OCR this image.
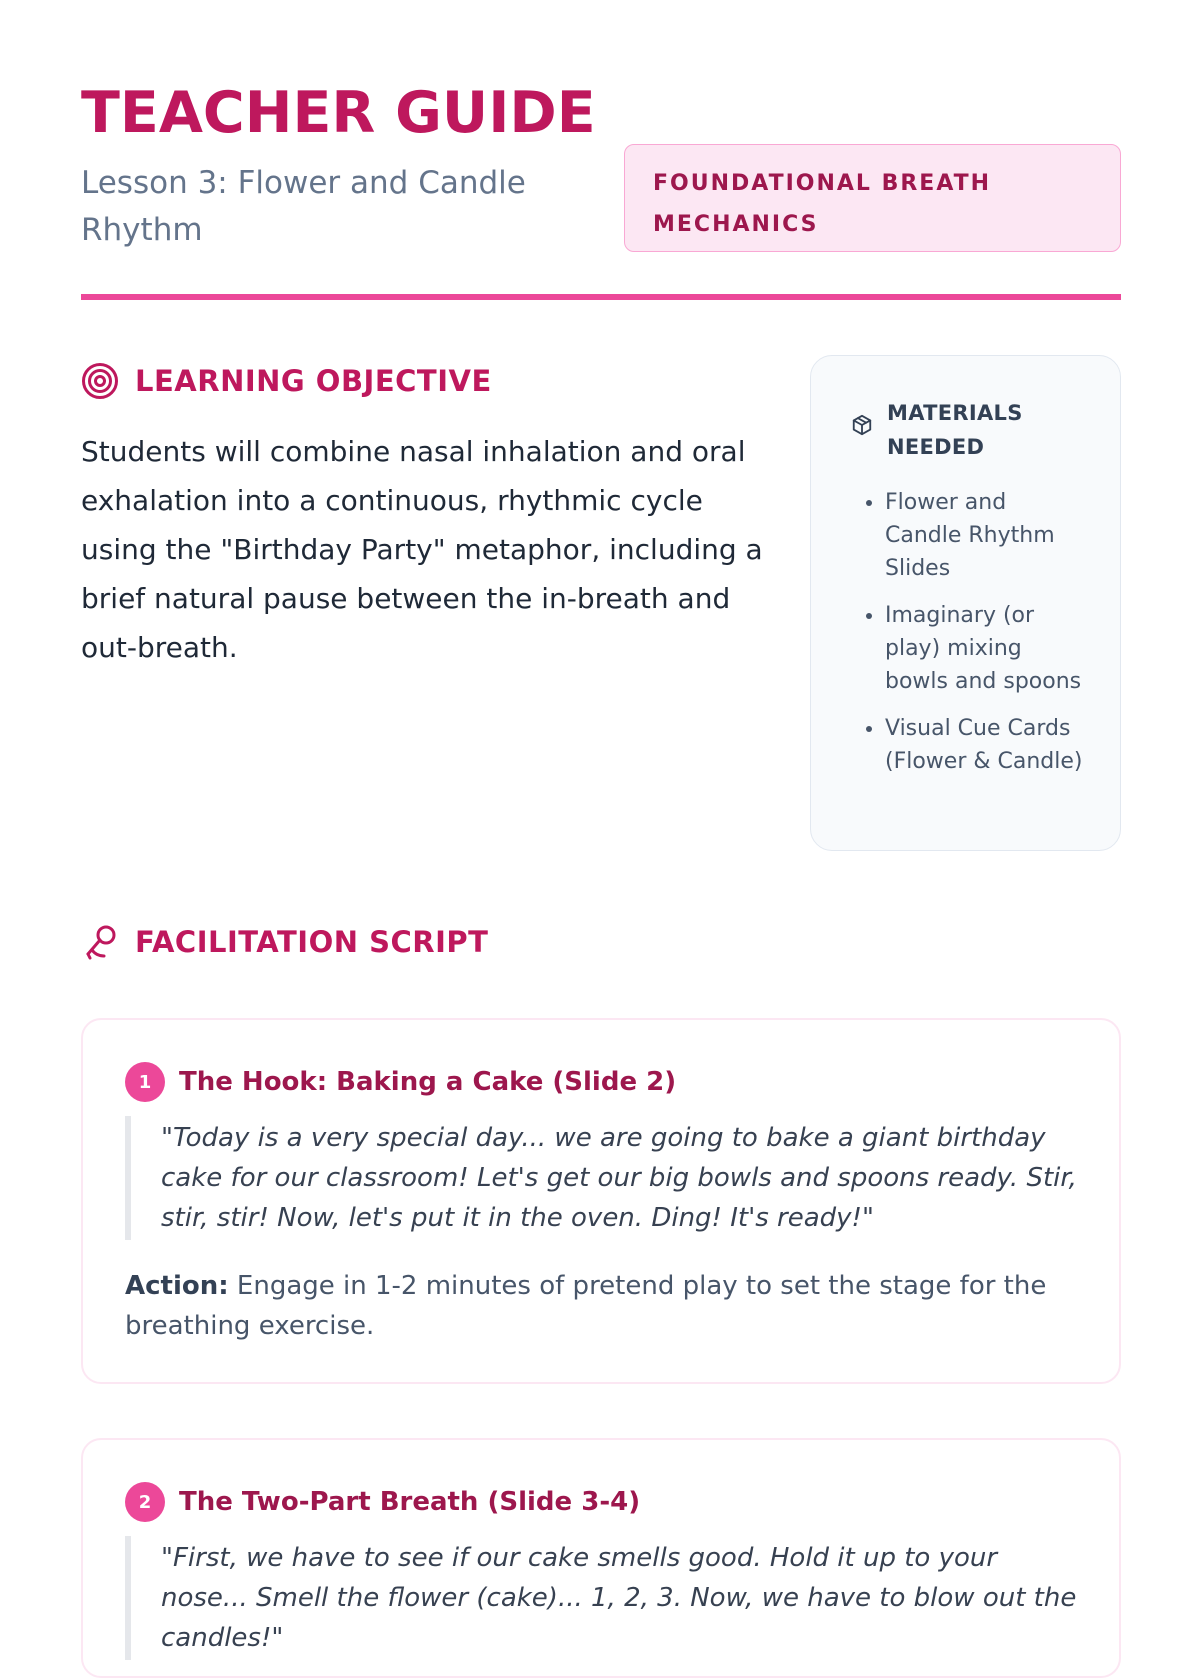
TEACHER GUIDE

Lesson 3: Flower and Candle Rhythm

FOUNDATIONAL BREATH
MECHANICS
LEARNING OBJECTIVE

Students will combine nasal inhalation and oral exhalation into a continuous, rhythmic cycle using the "Birthday Party" metaphor, including a brief natural pause between the in-breath and out-breath.

MATERIALS NEEDED
• Flower and Candle Rhythm Slides
• Imaginary (or play) mixing bowls and spoons
• Visual Cue Cards (Flower & Candle)
FACILITATION SCRIPT
1	The Hook: Baking a Cake (Slide 2)

"Today is a very special day... we are going to bake a giant birthday cake for our classroom! Let's get our big bowls and spoons ready. Stir, stir, stir! Now, let's put it in the oven. Ding! It's ready!"

Action: Engage in 1-2 minutes of pretend play to set the stage for the breathing exercise.

2	The Two-Part Breath (Slide 3-4)

"First, we have to see if our cake smells good. Hold it up to your nose... Smell the flower (cake)... 1, 2, 3. Now, we have to blow out the candles!"
